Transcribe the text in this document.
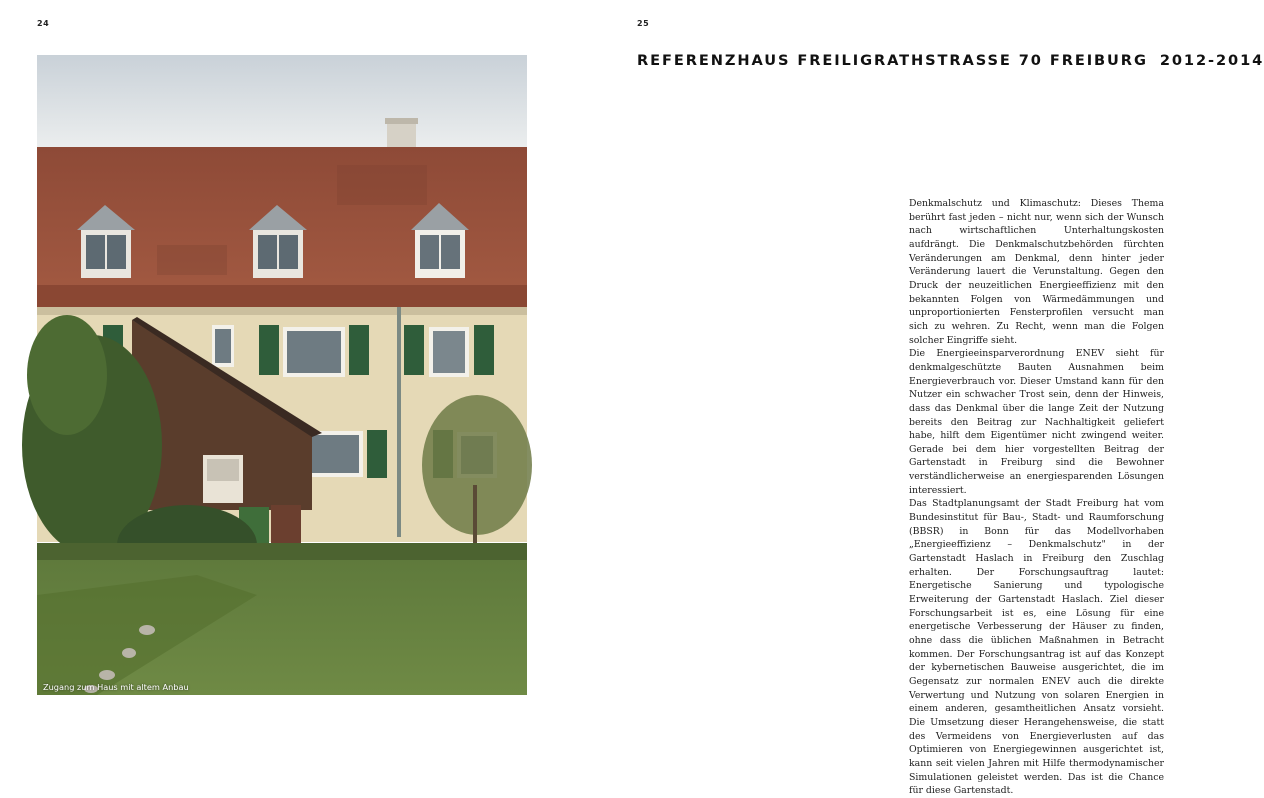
24	25
Zugang zum Haus mit altem Anbau
REFERENZHAUS FREILIGRATHSTRASSE 70 FREIBURG 2012-2014

Denkmalschutz und Klimaschutz: Dieses Thema berührt fast jeden – nicht nur, wenn sich der Wunsch nach wirtschaftlichen Unterhaltungskosten aufdrängt. Die Denkmalschutzbehörden fürchten Veränderungen am Denkmal, denn hinter jeder Veränderung lauert die Verunstaltung. Gegen den Druck der neuzeitlichen Energieeffizienz mit den bekannten Folgen von Wärmedämmungen und unproportionierten Fensterprofilen versucht man sich zu wehren. Zu Recht, wenn man die Folgen solcher Eingriffe sieht.

Die Energieeinsparverordnung ENEV sieht für denkmalgeschützte Bauten Ausnahmen beim Energieverbrauch vor. Dieser Umstand kann für den Nutzer ein schwacher Trost sein, denn der Hinweis, dass das Denkmal über die lange Zeit der Nutzung bereits den Beitrag zur Nachhaltigkeit geliefert habe, hilft dem Eigentümer nicht zwingend weiter. Gerade bei dem hier vorgestellten Beitrag der Gartenstadt in Freiburg sind die Bewohner verständlicherweise an energiesparenden Lösungen interessiert.

Das Stadtplanungsamt der Stadt Freiburg hat vom Bundesinstitut für Bau-, Stadt- und Raumforschung (BBSR) in Bonn für das Modellvorhaben „Energieeffizienz – Denkmalschutz" in der Gartenstadt Haslach in Freiburg den Zuschlag erhalten. Der Forschungsauftrag lautet: Energetische Sanierung und typologische Erweiterung der Gartenstadt Haslach. Ziel dieser Forschungsarbeit ist es, eine Lösung für eine energetische Verbesserung der Häuser zu finden, ohne dass die üblichen Maßnahmen in Betracht kommen. Der Forschungsantrag ist auf das Konzept der kybernetischen Bauweise ausgerichtet, die im Gegensatz zur normalen ENEV auch die direkte Verwertung und Nutzung von solaren Energien in einem anderen, gesamtheitlichen Ansatz vorsieht. Die Umsetzung dieser Herangehensweise, die statt des Vermeidens von Energieverlusten auf das Optimieren von Energiegewinnen ausgerichtet ist, kann seit vielen Jahren mit Hilfe thermodynamischer Simulationen geleistet werden. Das ist die Chance für diese Gartenstadt.
